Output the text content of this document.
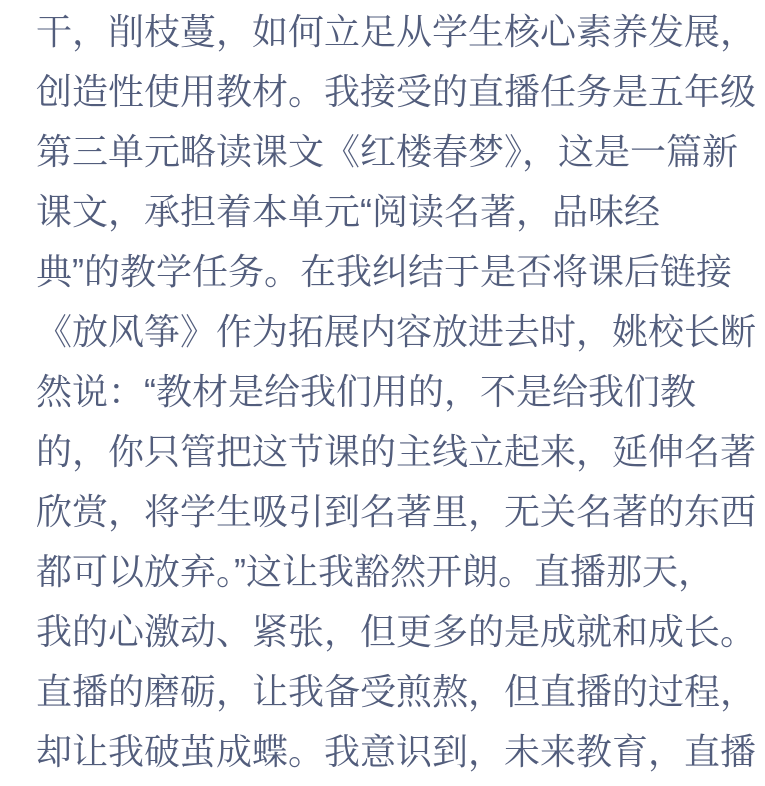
干，削枝蔓，如何立足从学生核心素养发展，
创造性使用教材。我接受的直播任务是五年级
第三单元略读课文《红楼春梦》，这是一篇新
课文，承担着本单元“阅读名著，品味经
典”的教学任务。在我纠结于是否将课后链接
《放风筝》作为拓展内容放进去时，姚校长断
然说：“教材是给我们用的，不是给我们教
的，你只管把这节课的主线立起来，延伸名著
欣赏，将学生吸引到名著里，无关名著的东西
都可以放弃。”这让我豁然开朗。直播那天，
我的心激动、紧张，但更多的是成就和成长。
直播的磨砺，让我备受煎熬，但直播的过程，
却让我破茧成蝶。我意识到，未来教育，直播
